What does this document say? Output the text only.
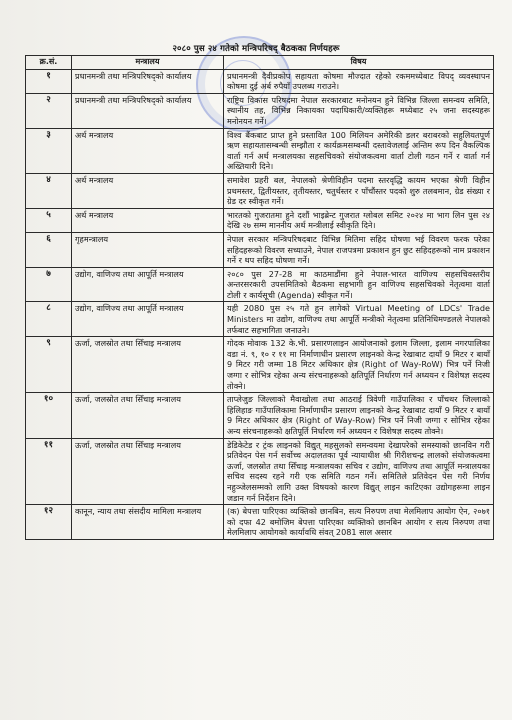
२०८० पुस २४ गतेको मन्त्रिपरिषद् बैठकका निर्णयहरू
क्र.सं.	मन्त्रालय	विषय
१	प्रधानमन्त्री तथा मन्त्रिपरिषद्को कार्यालय	प्रधानमन्त्री दैवीप्रकोप सहायता कोषमा मौज्दात रहेको रकममध्येबाट विपद् व्यवस्थापन कोषमा दुई अर्ब रुपैयाँ उपलब्ध गराउने।
२	प्रधानमन्त्री तथा मन्त्रिपरिषद्को कार्यालय	राष्ट्रिय विकास परिषदमा नेपाल सरकारबाट मनोनयन हुने विभिन्न जिल्ला समन्वय समिति, स्थानीय तह, विभिन्न निकायका पदाधिकारी/व्यक्तिहरू मध्येबाट २५ जना सदस्यहरू मनोनयन गर्ने।
३	अर्थ मन्त्रालय	विश्व बैंकबाट प्राप्त हुने प्रस्तावित 100 मिलियन अमेरिकी डलर बराबरको सहुलियतपूर्ण ऋण सहायतासम्बन्धी सम्झौता र कार्यक्रमसम्बन्धी दस्तावेजलाई अन्तिम रूप दिन वैकल्पिक वार्ता गर्न अर्थ मन्त्रालयका सहसचिवको संयोजकत्वमा वार्ता टोली गठन गर्ने र वार्ता गर्न अख्तियारी दिने।
४	अर्थ मन्त्रालय	समावेश प्रहरी बल, नेपालको श्रेणीविहीन पदमा स्तरवृद्धि कायम भएका श्रेणी विहीन प्रथमस्तर, द्वितीयस्तर, तृतीयस्तर, चतुर्थस्तर र पाँचौंस्तर पदको शुरु तलबमान, ग्रेड संख्या र ग्रेड दर स्वीकृत गर्ने।
५	अर्थ मन्त्रालय	भारतको गुजरातमा हुने दशौं भाइब्रेन्ट गुजरात ग्लोबल समिट २०२४ मा भाग लिन पुस २४ देखि २७ सम्म माननीय अर्थ मन्त्रीलाई स्वीकृति दिने।
६	गृहमन्त्रालय	नेपाल सरकार मन्त्रिपरिषदबाट विभिन्न मितिमा सहिद घोषणा भई विवरण फरक परेका सहिदहरूको विवरण सच्याउने, नेपाल राजपत्रमा प्रकाशन हुन छुट सहिदहरूको नाम प्रकाशन गर्ने र थप सहिद घोषणा गर्ने।
७	उद्योग, वाणिज्य तथा आपूर्ति मन्त्रालय	२०८० पुस 27-28 मा काठमाडौंमा हुने नेपाल-भारत वाणिज्य सहसचिवस्तरीय अन्तरसरकारी उपसमितिको बैठकमा सहभागी हुन वाणिज्य सहसचिवको नेतृत्वमा वार्ता टोली र कार्यसूची (Agenda) स्वीकृत गर्ने।
८	उद्योग, वाणिज्य तथा आपूर्ति मन्त्रालय	यही 2080 पुस २५ गते हुन लागेको Virtual Meeting of LDCs' Trade Ministers मा उद्योग, वाणिज्य तथा आपूर्ति मन्त्रीको नेतृत्वमा प्रतिनिधिमण्डलले नेपालको तर्फबाट सहभागिता जनाउने।
९	ऊर्जा, जलस्रोत तथा सिँचाइ मन्त्रालय	गोदक मोवाक 132 के.भी. प्रसारणलाइन आयोजनाको इलाम जिल्ला, इलाम नगरपालिका वडा नं. ९, १० र ११ मा निर्माणाधीन प्रसारण लाइनको केन्द्र रेखाबाट दायाँ 9 मिटर र बायाँ 9 मिटर गरी जम्मा 18 मिटर अधिकार क्षेत्र (Right of Way-RoW) भित्र पर्ने निजी जग्गा र सोभित्र रहेका अन्य संरचनाहरूको क्षतिपूर्ति निर्धारण गर्न अध्ययन र विशेषज्ञ सदस्य तोक्ने।
१०	ऊर्जा, जलस्रोत तथा सिँचाइ मन्त्रालय	ताप्लेजुङ जिल्लाको मैवाखोला तथा आठराई त्रिवेणी गाउँपालिका र पाँचथर जिल्लाको हिलिहाङ गाउँपालिकामा निर्माणाधीन प्रसारण लाइनको केन्द्र रेखाबाट दायाँ 9 मिटर र बायाँ 9 मिटर अधिकार क्षेत्र (Right of Way-Row) भित्र पर्ने निजी जग्गा र सोभित्र रहेका अन्य संरचनाहरूको क्षतिपूर्ति निर्धारण गर्न अध्ययन र विशेषज्ञ सदस्य तोक्ने।
११	ऊर्जा, जलस्रोत तथा सिँचाइ मन्त्रालय	डेडिकेटेड र ट्रंक लाइनको विद्युत् महसुलको समन्वयमा देखापरेको समस्याको छानविन गरी प्रतिवेदन पेस गर्न सर्वोच्च अदालतका पूर्व न्यायाधीश श्री गिरीशचन्द्र लालको संयोजकत्वमा ऊर्जा, जलस्रोत तथा सिँचाइ मन्त्रालयका सचिव र उद्योग, वाणिज्य तथा आपूर्ति मन्त्रालयका सचिव सदस्य रहने गरी एक समिति गठन गर्ने। समितिले प्रतिवेदन पेस गरी निर्णय नहुञ्जेलसम्मको लागि उक्त विषयको कारण विद्युत् लाइन काटिएका उद्योगहरूमा लाइन जडान गर्न निर्देशन दिने।
१२	कानून, न्याय तथा संसदीय मामिला मन्त्रालय	(क) बेपत्ता पारिएका व्यक्तिको छानबिन, सत्य निरुपण तथा मेलमिलाप आयोग ऐन, २०७१ को दफा 42 बमोजिम बेपत्ता पारिएका व्यक्तिको छानबिन आयोग र सत्य निरुपण तथा मेलमिलाप आयोगको कार्यावधि संवत् 2081 साल असार
